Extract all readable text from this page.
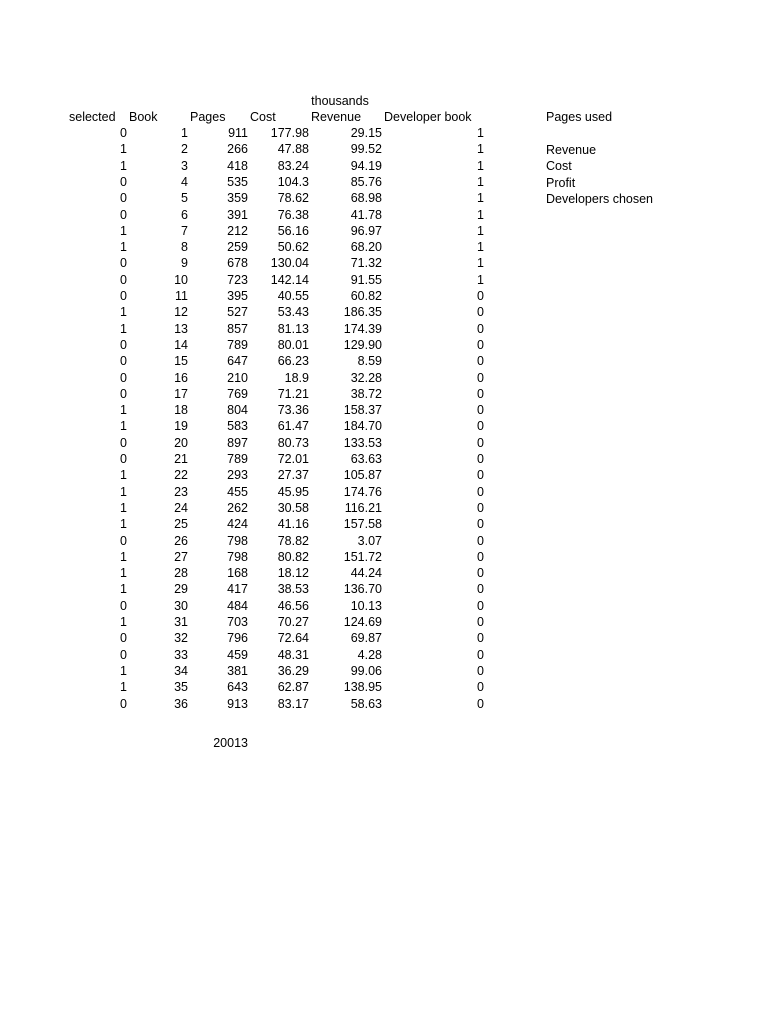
thousands
selected	Book	Pages	Cost	Revenue	Developer book	Pages used
Revenue
Cost
Profit
Developers chosen
0	1	911	177.98	29.15	1
1	2	266	47.88	99.52	1
1	3	418	83.24	94.19	1
0	4	535	104.3	85.76	1
0	5	359	78.62	68.98	1
0	6	391	76.38	41.78	1
1	7	212	56.16	96.97	1
1	8	259	50.62	68.20	1
0	9	678	130.04	71.32	1
0	10	723	142.14	91.55	1
0	11	395	40.55	60.82	0
1	12	527	53.43	186.35	0
1	13	857	81.13	174.39	0
0	14	789	80.01	129.90	0
0	15	647	66.23	8.59	0
0	16	210	18.9	32.28	0
0	17	769	71.21	38.72	0
1	18	804	73.36	158.37	0
1	19	583	61.47	184.70	0
0	20	897	80.73	133.53	0
0	21	789	72.01	63.63	0
1	22	293	27.37	105.87	0
1	23	455	45.95	174.76	0
1	24	262	30.58	116.21	0
1	25	424	41.16	157.58	0
0	26	798	78.82	3.07	0
1	27	798	80.82	151.72	0
1	28	168	18.12	44.24	0
1	29	417	38.53	136.70	0
0	30	484	46.56	10.13	0
1	31	703	70.27	124.69	0
0	32	796	72.64	69.87	0
0	33	459	48.31	4.28	0
1	34	381	36.29	99.06	0
1	35	643	62.87	138.95	0
0	36	913	83.17	58.63	0
20013
